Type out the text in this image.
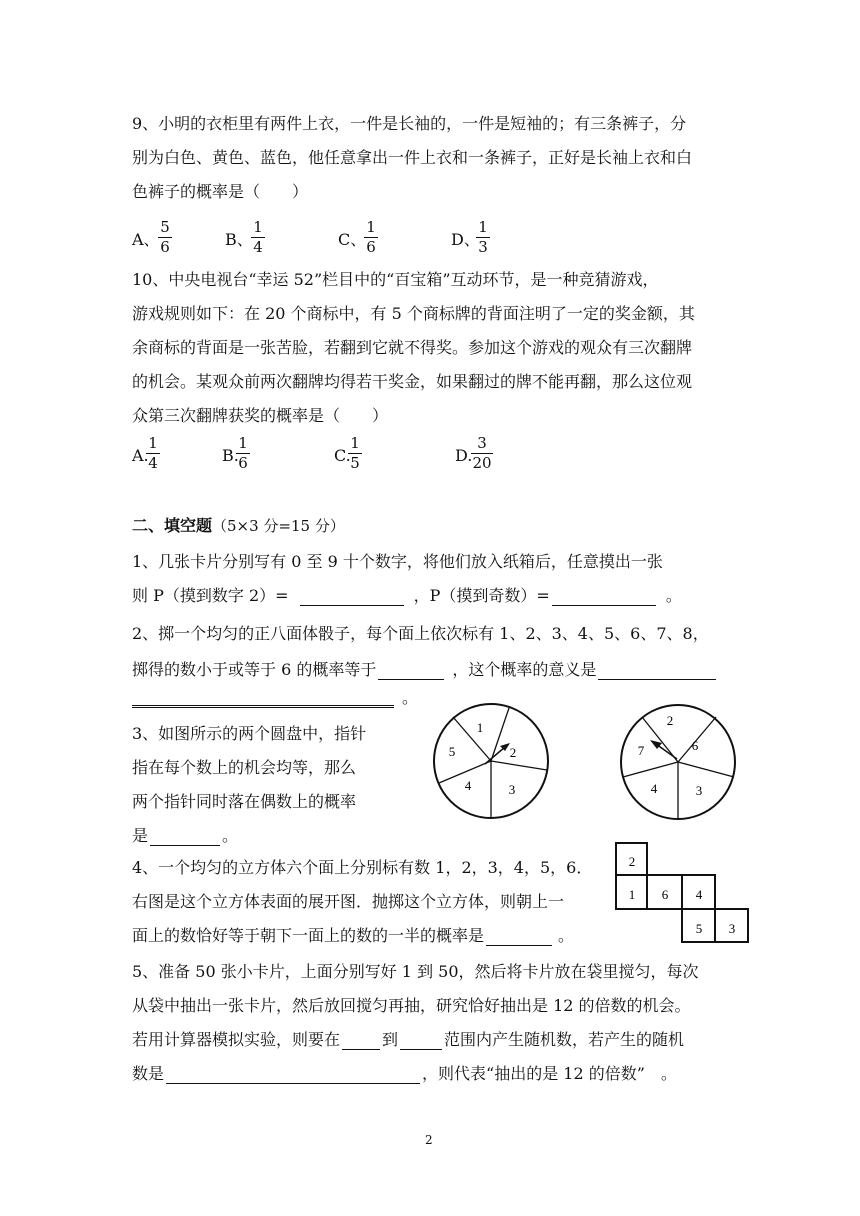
9、小明的衣柜里有两件上衣，一件是长袖的，一件是短袖的；有三条裤子，分
别为白色、黄色、蓝色，他任意拿出一件上衣和一条裤子，正好是长袖上衣和白
色裤子的概率是（　　）
A、
5
6	B、
1
4	C、
1
6	D、
1
3
10、中央电视台“幸运 52”栏目中的“百宝箱”互动环节，是一种竞猜游戏，
游戏规则如下：在 20 个商标中，有 5 个商标牌的背面注明了一定的奖金额，其
余商标的背面是一张苦脸，若翻到它就不得奖。参加这个游戏的观众有三次翻牌
的机会。某观众前两次翻牌均得若干奖金，如果翻过的牌不能再翻，那么这位观
众第三次翻牌获奖的概率是（　　）
A.
1
4	B.
1
6	C.
1
5	D.
3
20
二、填空题（5×3 分=15 分）
1、几张卡片分别写有 0 至 9 十个数字，将他们放入纸箱后，任意摸出一张
则 P（摸到数字 2）=	，P（摸到奇数）=	。
2、掷一个均匀的正八面体骰子，每个面上依次标有 1、2、3、4、5、6、7、8，
掷得的数小于或等于 6 的概率等于	，这个概率的意义是
。
3、如图所示的两个圆盘中，指针
指在每个数上的机会均等，那么
两个指针同时落在偶数上的概率
是	。
1
2
3
4
5
2
6
3
4
7
4、一个均匀的立方体六个面上分别标有数 1，2，3，4，5，6．
右图是这个立方体表面的展开图．抛掷这个立方体，则朝上一
面上的数恰好等于朝下一面上的数的一半的概率是	。
2
1 6 4
5 3
5、准备 50 张小卡片，上面分别写好 1 到 50，然后将卡片放在袋里搅匀，每次
从袋中抽出一张卡片，然后放回搅匀再抽，研究恰好抽出是 12 的倍数的机会。
若用计算器模拟实验，则要在	到	范围内产生随机数，若产生的随机
数是	，则代表“抽出的是 12 的倍数”　。
2
